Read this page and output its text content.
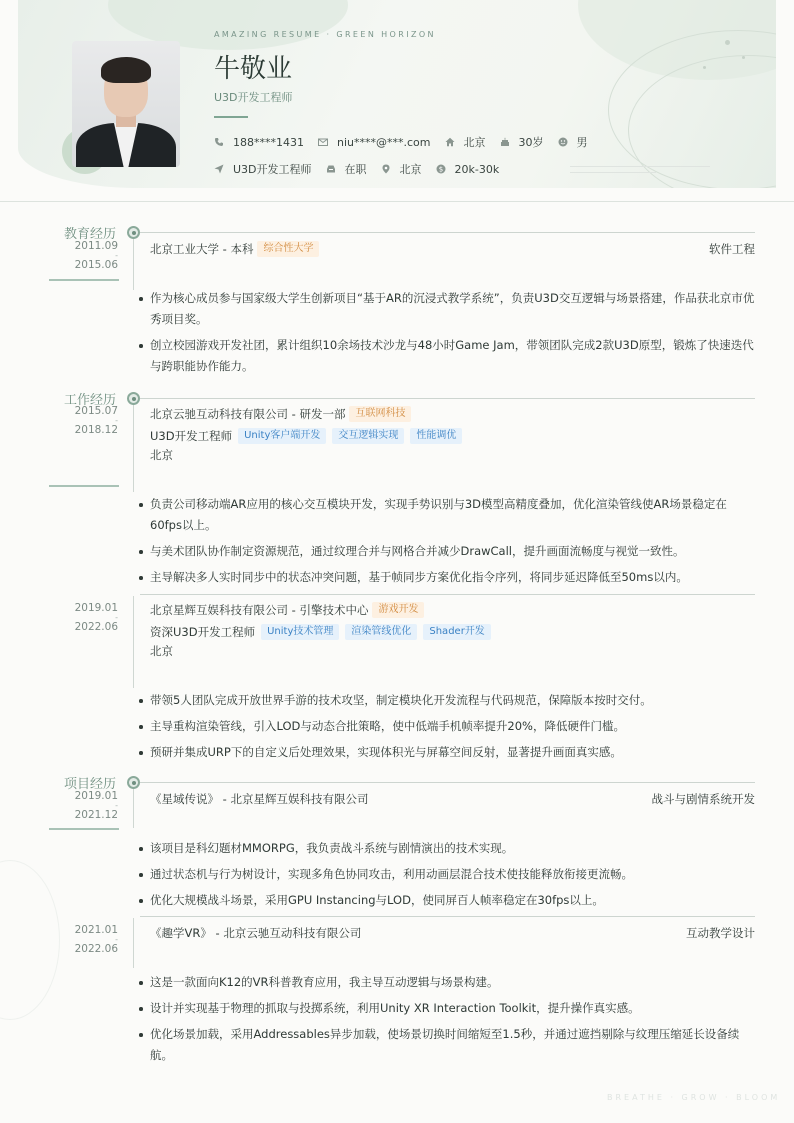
AMAZING RESUME · GREEN HORIZON
牛敬业
U3D开发工程师
188****1431	niu****@***.com	北京	30岁	男
U3D开发工程师	在职	北京 $ 20k-30k
教育经历
2011.09
-
2015.06
北京工业大学 - 本科	综合性大学	软件工程
作为核心成员参与国家级大学生创新项目“基于AR的沉浸式教学系统”，负责U3D交互逻辑与场景搭建，作品获北京市优秀项目奖。
创立校园游戏开发社团，累计组织10余场技术沙龙与48小时Game Jam，带领团队完成2款U3D原型，锻炼了快速迭代与跨职能协作能力。
工作经历
2015.07
-
2018.12
北京云驰互动科技有限公司 - 研发一部	互联网科技
U3D开发工程师	Unity客户端开发	交互逻辑实现	性能调优
北京
负责公司移动端AR应用的核心交互模块开发，实现手势识别与3D模型高精度叠加，优化渲染管线使AR场景稳定在60fps以上。
与美术团队协作制定资源规范，通过纹理合并与网格合并减少DrawCall，提升画面流畅度与视觉一致性。
主导解决多人实时同步中的状态冲突问题，基于帧同步方案优化指令序列，将同步延迟降低至50ms以内。
2019.01
-
2022.06
北京星辉互娱科技有限公司 - 引擎技术中心	游戏开发
资深U3D开发工程师	Unity技术管理	渲染管线优化	Shader开发
北京
带领5人团队完成开放世界手游的技术攻坚，制定模块化开发流程与代码规范，保障版本按时交付。
主导重构渲染管线，引入LOD与动态合批策略，使中低端手机帧率提升20%，降低硬件门槛。
预研并集成URP下的自定义后处理效果，实现体积光与屏幕空间反射，显著提升画面真实感。
项目经历
2019.01
-
2021.12
《星域传说》 - 北京星辉互娱科技有限公司	战斗与剧情系统开发
该项目是科幻题材MMORPG，我负责战斗系统与剧情演出的技术实现。
通过状态机与行为树设计，实现多角色协同攻击，利用动画层混合技术使技能释放衔接更流畅。
优化大规模战斗场景，采用GPU Instancing与LOD，使同屏百人帧率稳定在30fps以上。
2021.01
-
2022.06
《趣学VR》 - 北京云驰互动科技有限公司	互动教学设计
这是一款面向K12的VR科普教育应用，我主导互动逻辑与场景构建。
设计并实现基于物理的抓取与投掷系统，利用Unity XR Interaction Toolkit，提升操作真实感。
优化场景加载，采用Addressables异步加载，使场景切换时间缩短至1.5秒，并通过遮挡剔除与纹理压缩延长设备续航。
BREATHE · GROW · BLOOM
